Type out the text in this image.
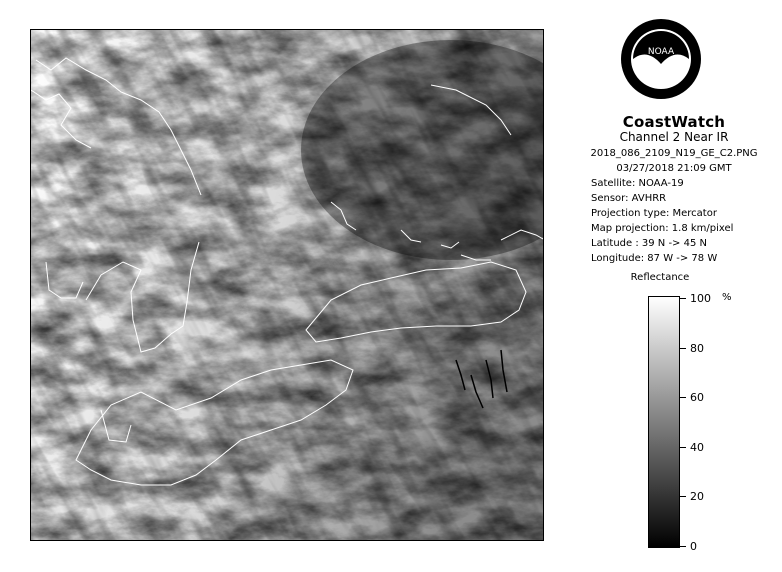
NOAA
CoastWatch
Channel 2 Near IR
2018_086_2109_N19_GE_C2.PNG
03/27/2018 21:09 GMT
Satellite: NOAA-19
Sensor: AVHRR
Projection type: Mercator
Map projection: 1.8 km/pixel
Latitude : 39 N -> 45 N
Longitude: 87 W -> 78 W
Reflectance
%
100
80
60
40
20
0
